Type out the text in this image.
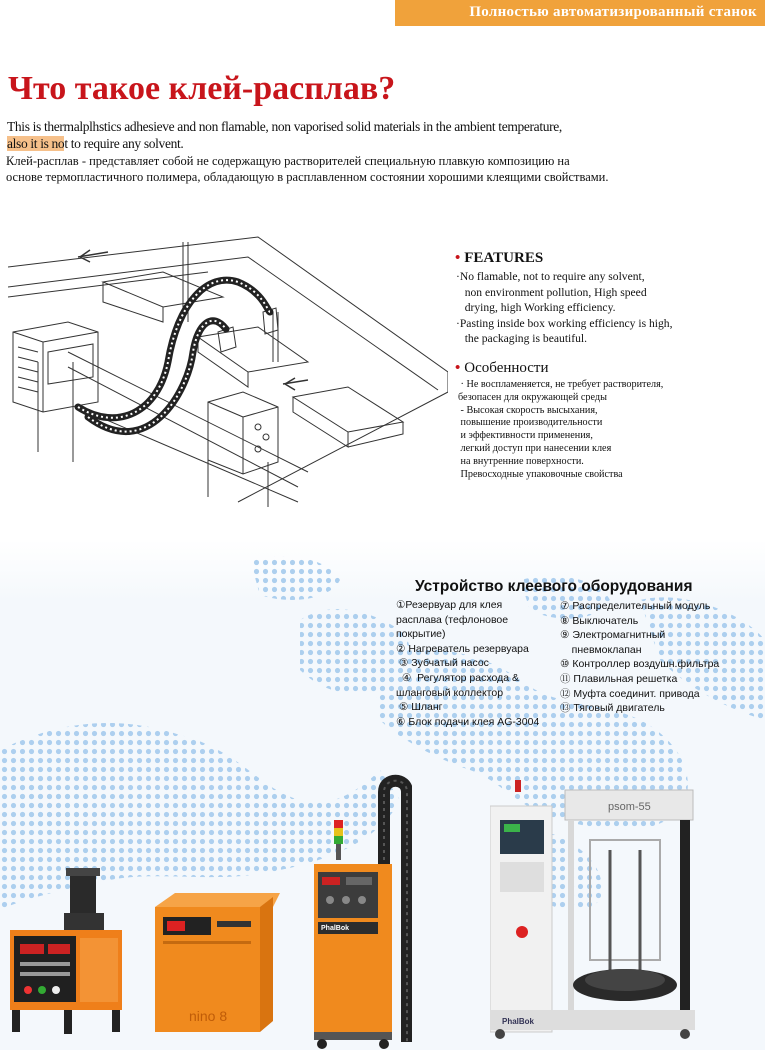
Полностью автоматизированный станок
Что такое клей-расплав?
This is thermalplhstics adhesieve and non flamable, non vaporised solid materials in the ambient temperature,
also it is not to require any solvent.
Клей-расплав - представляет собой не содержащую растворителей специальную плавкую композицию на
основе термопластичного полимера, обладающую в расплавленном состоянии хорошими клеящими свойствами.
• FEATURES
·No flamable, not to require any solvent,
non environment pollution, High speed
drying, high Working efficiency.
·Pasting inside box working efficiency is high,
the packaging is beautiful.
• Особенности
· Не воспламеняется, не требует растворителя,
безопасен для окружающей среды
- Высокая скорость высыхания,
повышение производительности
и эффективности применения,
легкий доступ при нанесении клея
на внутренние поверхности.
Превосходные упаковочные свойства
Устройство клеевого оборудования
①Резервуар для клея
расплава (тефлоновое
покрытие)
② Нагреватель резервуара
③ Зубчатый насос
④  Регулятор расхода &
шланговый коллектор
⑤ Шланг
⑥ Блок подачи клея AG-3004
⑦ Распределительный модуль
⑧ Выключатель
⑨ Электромагнитный
пневмоклапан
⑩ Контроллер воздушн.фильтра
⑪ Плавильная решетка
⑫ Муфта соединит. привода
⑬ Тяговый двигатель
nino 8
PhalBok
psom-55
PhalBok
